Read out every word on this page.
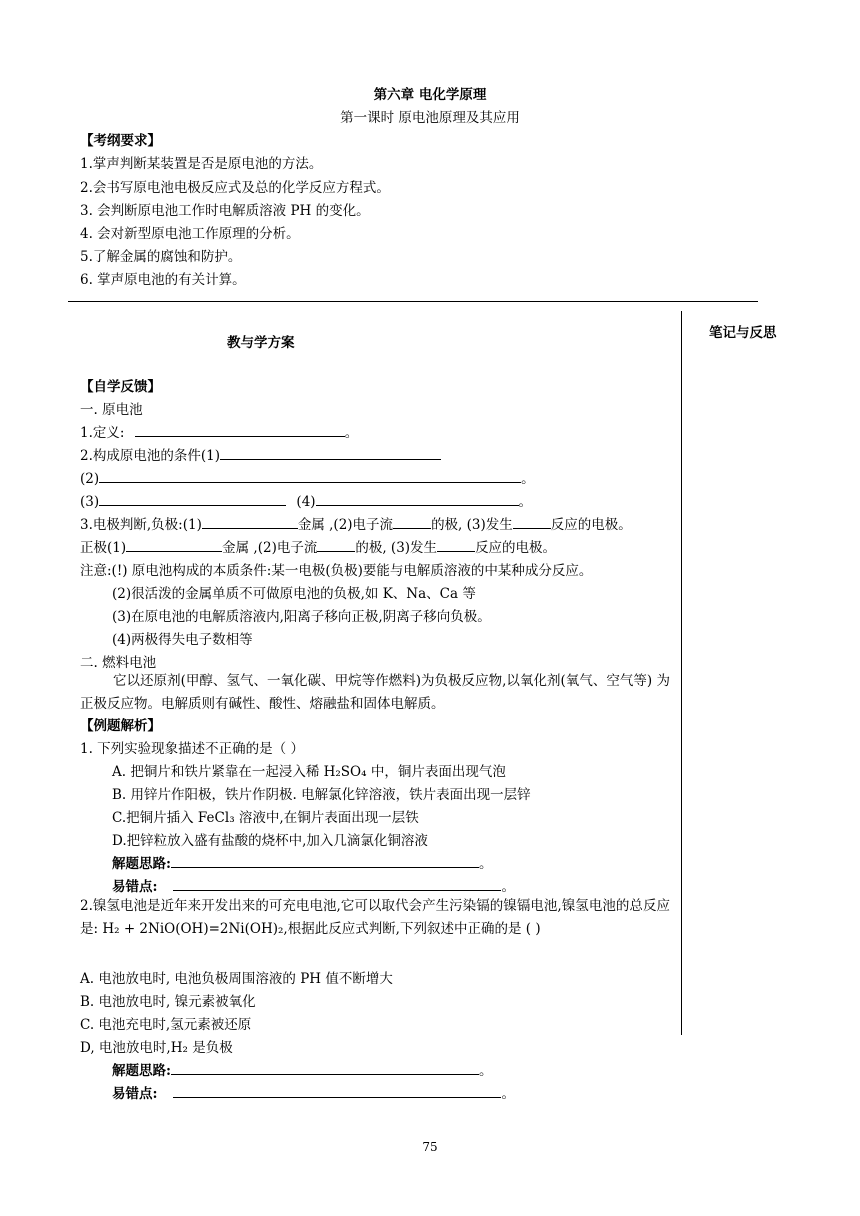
第六章 电化学原理
第一课时 原电池原理及其应用
【考纲要求】
1.掌声判断某装置是否是原电池的方法。
2.会书写原电池电极反应式及总的化学反应方程式。
3. 会判断原电池工作时电解质溶液 PH 的变化。
4. 会对新型原电池工作原理的分析。
5.了解金属的腐蚀和防护。
6. 掌声原电池的有关计算。
教与学方案
笔记与反思
【自学反馈】
一. 原电池
1.定义:	。
2.构成原电池的条件(1)
(2)	。
(3)	(4)	。
3.电极判断,负极:(1)	金属 ,(2)电子流	的极, (3)发生	反应的电极。
正极(1)	金属 ,(2)电子流	的极, (3)发生	反应的电极。
注意:(!) 原电池构成的本质条件:某一电极(负极)要能与电解质溶液的中某种成分反应。
(2)很活泼的金属单质不可做原电池的负极,如 K、Na、Ca 等
(3)在原电池的电解质溶液内,阳离子移向正极,阴离子移向负极。
(4)两极得失电子数相等
二. 燃料电池
它以还原剂(甲醇、氢气、一氧化碳、甲烷等作燃料)为负极反应物,以氧化剂(氧气、空气等) 为正极反应物。电解质则有碱性、酸性、熔融盐和固体电解质。
【例题解析】
1. 下列实验现象描述不正确的是（ ）
A. 把铜片和铁片紧靠在一起浸入稀 H₂SO₄ 中，铜片表面出现气泡
B. 用锌片作阳极，铁片作阴极. 电解氯化锌溶液，铁片表面出现一层锌
C.把铜片插入 FeCl₃ 溶液中,在铜片表面出现一层铁
D.把锌粒放入盛有盐酸的烧杯中,加入几滴氯化铜溶液
解题思路:	。
易错点:	。
2.镍氢电池是近年来开发出来的可充电电池,它可以取代会产生污染镉的镍镉电池,镍氢电池的总反应是: H₂ + 2NiO(OH)=2Ni(OH)₂,根据此反应式判断,下列叙述中正确的是 ( )
A. 电池放电时, 电池负极周围溶液的 PH 值不断增大
B. 电池放电时, 镍元素被氧化
C. 电池充电时,氢元素被还原
D, 电池放电时,H₂ 是负极
解题思路:	。
易错点:	。
75
